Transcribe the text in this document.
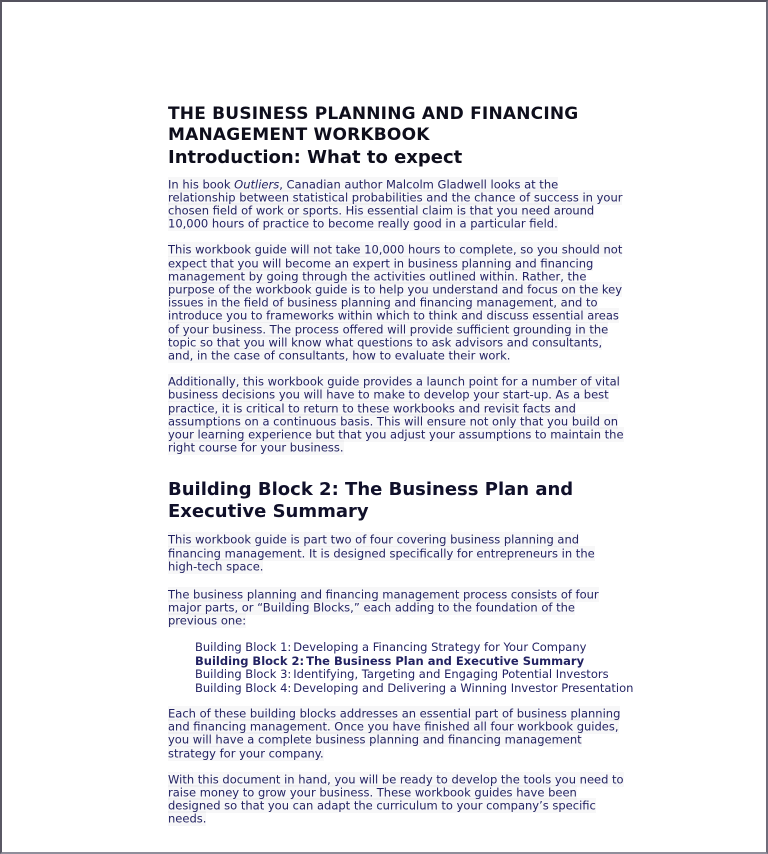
THE BUSINESS PLANNING AND FINANCING
MANAGEMENT WORKBOOK
Introduction: What to expect

In his book Outliers, Canadian author Malcolm Gladwell looks at the relationship between statistical probabilities and the chance of success in your chosen field of work or sports. His essential claim is that you need around 10,000 hours of practice to become really good in a particular field.

This workbook guide will not take 10,000 hours to complete, so you should not expect that you will become an expert in business planning and financing management by going through the activities outlined within. Rather, the purpose of the workbook guide is to help you understand and focus on the key issues in the field of business planning and financing management, and to introduce you to frameworks within which to think and discuss essential areas of your business. The process offered will provide sufficient grounding in the topic so that you will know what questions to ask advisors and consultants, and, in the case of consultants, how to evaluate their work.

Additionally, this workbook guide provides a launch point for a number of vital business decisions you will have to make to develop your start-up. As a best practice, it is critical to return to these workbooks and revisit facts and assumptions on a continuous basis. This will ensure not only that you build on your learning experience but that you adjust your assumptions to maintain the right course for your business.

Building Block 2: The Business Plan and
Executive Summary

This workbook guide is part two of four covering business planning and financing management. It is designed specifically for entrepreneurs in the high-tech space.

The business planning and financing management process consists of four major parts, or “Building Blocks,” each adding to the foundation of the previous one:

Building Block 1: Developing a Financing Strategy for Your Company
Building Block 2: The Business Plan and Executive Summary
Building Block 3: Identifying, Targeting and Engaging Potential Investors
Building Block 4: Developing and Delivering a Winning Investor Presentation

Each of these building blocks addresses an essential part of business planning and financing management. Once you have finished all four workbook guides, you will have a complete business planning and financing management strategy for your company.

With this document in hand, you will be ready to develop the tools you need to raise money to grow your business. These workbook guides have been designed so that you can adapt the curriculum to your company’s specific needs.
